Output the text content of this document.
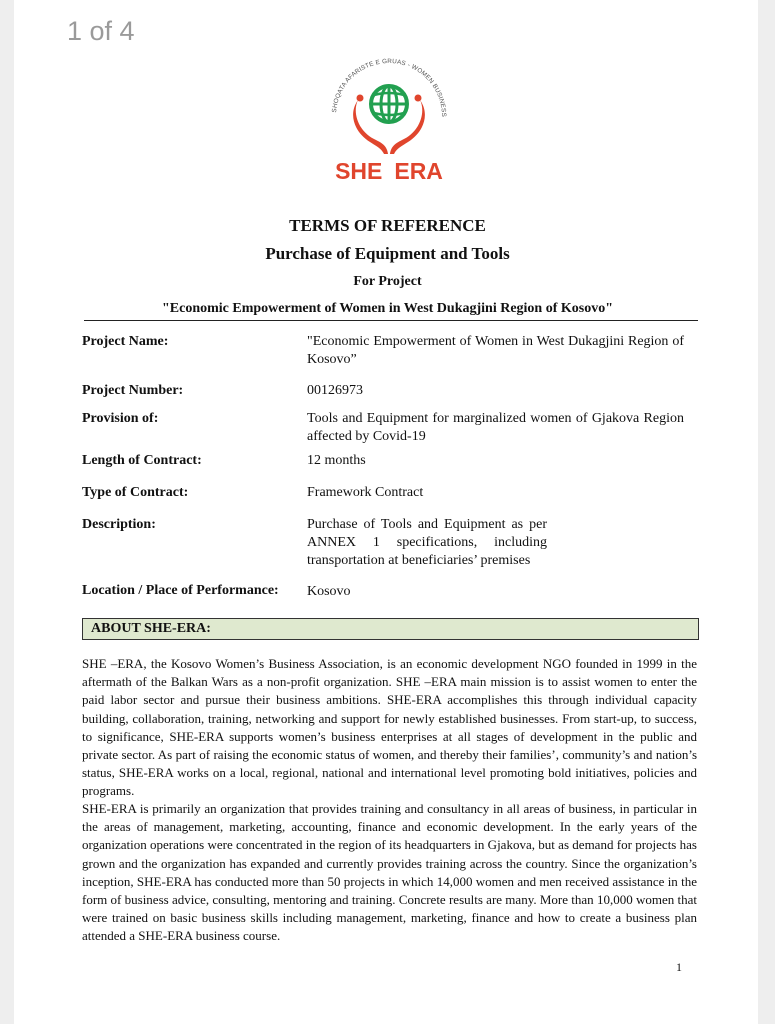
1 of 4
SHOQATA AFARISTE E GRUAS - WOMEN BUSINESS
SHE ERA
TERMS OF REFERENCE
Purchase of Equipment and Tools
For Project
"Economic Empowerment of Women in West Dukagjini Region of Kosovo"
Project Name:	"Economic Empowerment of Women in West Dukagjini Region of Kosovo”
Project Number:	00126973
Provision of:	Tools and Equipment for marginalized women of Gjakova Region affected by Covid-19
Length of Contract:	12 months
Type of Contract:	Framework Contract
Description:	Purchase of Tools and Equipment as per ANNEX 1 specifications, including transportation at beneficiaries’ premises
Location / Place of Performance: Kosovo
ABOUT SHE-ERA:
SHE –ERA, the Kosovo Women’s Business Association, is an economic development NGO founded in 1999 in the aftermath of the Balkan Wars as a non-profit organization. SHE –ERA main mission is to assist women to enter the paid labor sector and pursue their business ambitions. SHE-ERA accomplishes this through individual capacity building, collaboration, training, networking and support for newly established businesses. From start-up, to success, to significance, SHE-ERA supports women’s business enterprises at all stages of development in the public and private sector. As part of raising the economic status of women, and thereby their families’, community’s and nation’s status, SHE-ERA works on a local, regional, national and international level promoting bold initiatives, policies and programs.
SHE-ERA is primarily an organization that provides training and consultancy in all areas of business, in particular in the areas of management, marketing, accounting, finance and economic development. In the early years of the organization operations were concentrated in the region of its headquarters in Gjakova, but as demand for projects has grown and the organization has expanded and currently provides training across the country. Since the organization’s inception, SHE-ERA has conducted more than 50 projects in which 14,000 women and men received assistance in the form of business advice, consulting, mentoring and training. Concrete results are many. More than 10,000 women that were trained on basic business skills including management, marketing, finance and how to create a business plan attended a SHE-ERA business course.
1
